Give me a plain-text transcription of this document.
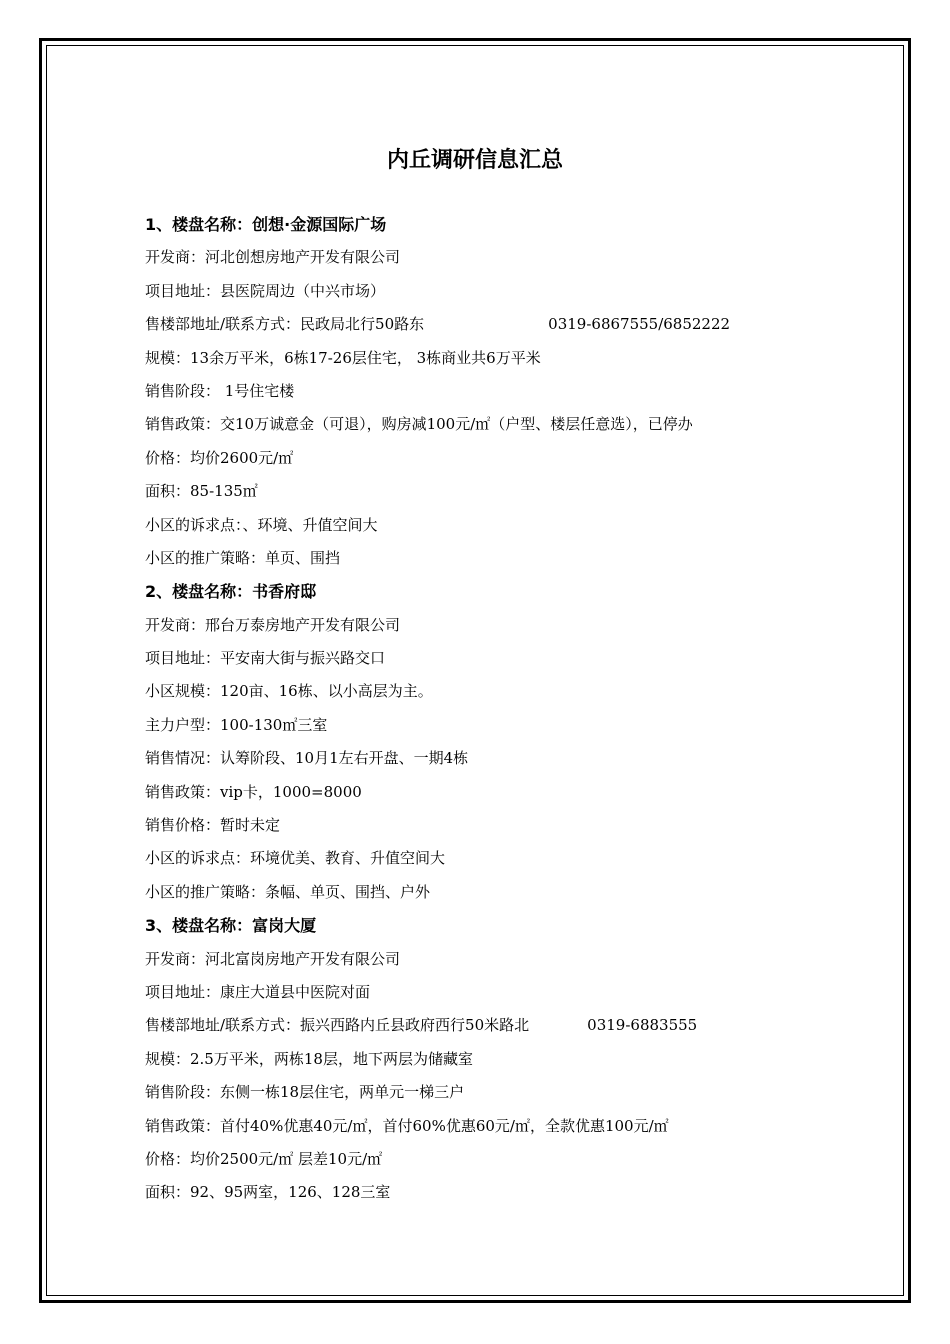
内丘调研信息汇总
1、楼盘名称：创想·金源国际广场
开发商：河北创想房地产开发有限公司
项目地址：县医院周边（中兴市场）
售楼部地址/联系方式：民政局北行50路东	0319-6867555/6852222
规模：13余万平米，6栋17-26层住宅， 3栋商业共6万平米
销售阶段： 1号住宅楼
销售政策：交10万诚意金（可退），购房减100元/㎡（户型、楼层任意选），已停办
价格：均价2600元/㎡
面积：85-135㎡
小区的诉求点：、环境、升值空间大
小区的推广策略：单页、围挡
2、楼盘名称：书香府邸
开发商：邢台万泰房地产开发有限公司
项目地址：平安南大街与振兴路交口
小区规模：120亩、16栋、以小高层为主。
主力户型：100-130㎡三室
销售情况：认筹阶段、10月1左右开盘、一期4栋
销售政策：vip卡，1000=8000
销售价格：暂时未定
小区的诉求点：环境优美、教育、升值空间大
小区的推广策略：条幅、单页、围挡、户外
3、楼盘名称：富岗大厦
开发商：河北富岗房地产开发有限公司
项目地址：康庄大道县中医院对面
售楼部地址/联系方式：振兴西路内丘县政府西行50米路北	0319-6883555
规模：2.5万平米，两栋18层，地下两层为储藏室
销售阶段：东侧一栋18层住宅，两单元一梯三户
销售政策：首付40%优惠40元/㎡，首付60%优惠60元/㎡，全款优惠100元/㎡
价格：均价2500元/㎡ 层差10元/㎡
面积：92、95两室，126、128三室
